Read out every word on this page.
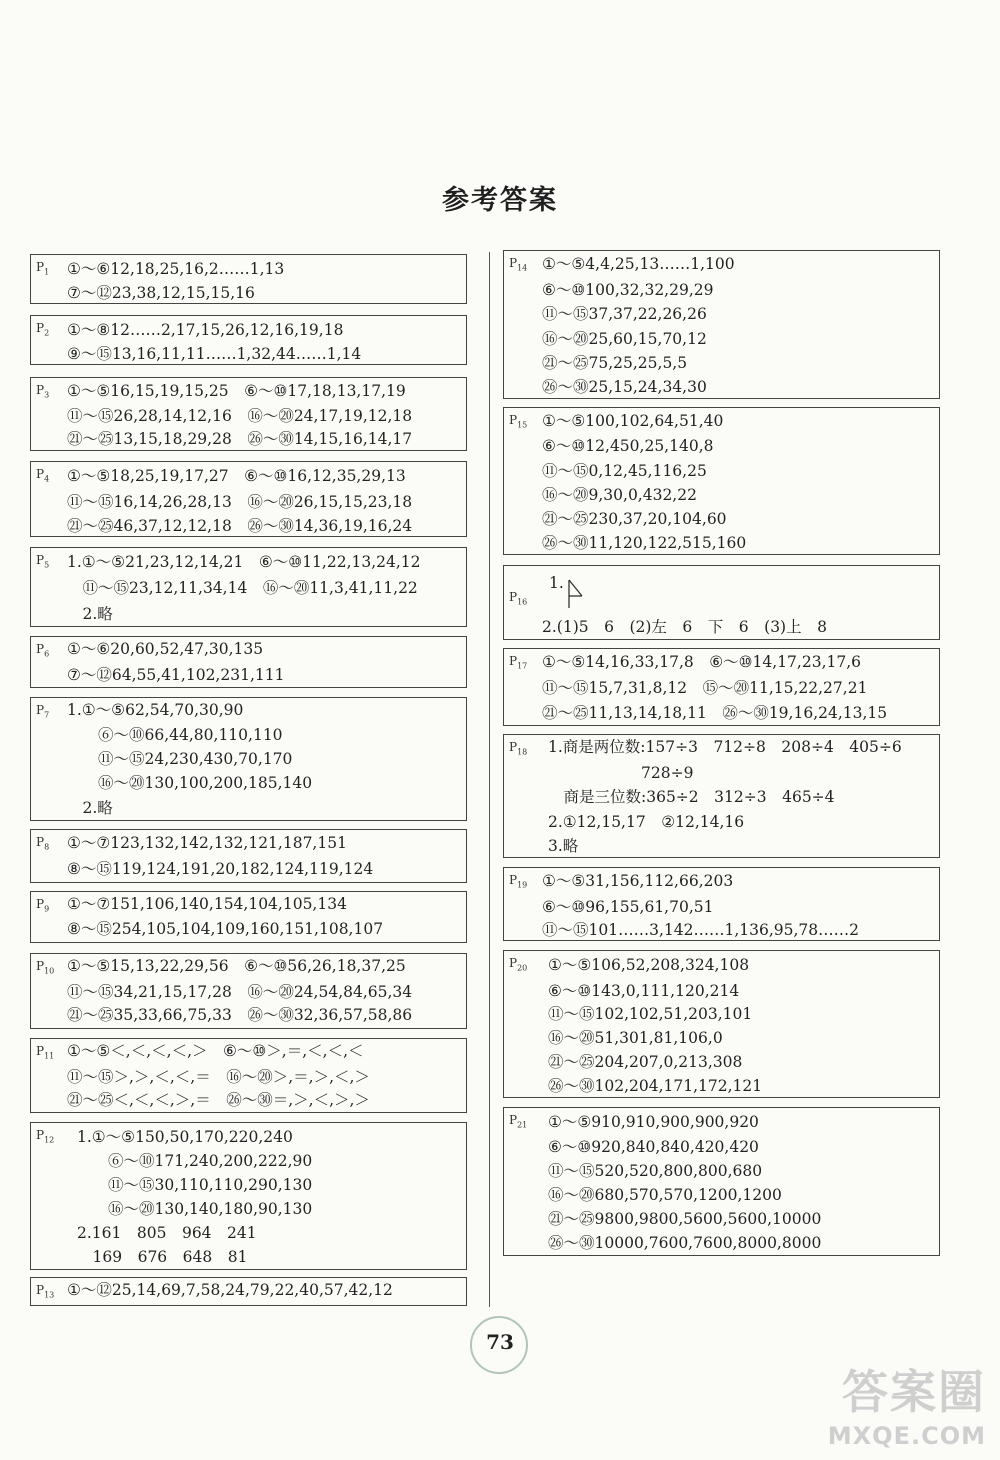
参考答案
$P_1$ ①～⑥12,18,25,16,2……1,13
⑦～⑫23,38,12,15,15,16
$P_2$ ①～⑧12……2,17,15,26,12,16,19,18
⑨～⑮13,16,11,11……1,32,44……1,14
$P_3$ ①～⑤16,15,19,15,25　⑥～⑩17,18,13,17,19
⑪～⑮26,28,14,12,16　⑯～⑳24,17,19,12,18
㉑～㉕13,15,18,29,28　㉖～㉚14,15,16,14,17
$P_4$ ①～⑤18,25,19,17,27　⑥～⑩16,12,35,29,13
⑪～⑮16,14,26,28,13　⑯～⑳26,15,15,23,18
㉑～㉕46,37,12,12,18　㉖～㉚14,36,19,16,24
$P_5$ 1.①～⑤21,23,12,14,21　⑥～⑩11,22,13,24,12
　⑪～⑮23,12,11,34,14　⑯～⑳11,3,41,11,22
　2.略
$P_6$ ①～⑥20,60,52,47,30,135
⑦～⑫64,55,41,102,231,111
$P_7$ 1.①～⑤62,54,70,30,90
　　⑥～⑩66,44,80,110,110
　　⑪～⑮24,230,430,70,170
　　⑯～⑳130,100,200,185,140
　2.略
$P_8$ ①～⑦123,132,142,132,121,187,151
⑧～⑮119,124,191,20,182,124,119,124
$P_9$ ①～⑦151,106,140,154,104,105,134
⑧～⑮254,105,104,109,160,151,108,107
$P_{10}$ ①～⑤15,13,22,29,56　⑥～⑩56,26,18,37,25
⑪～⑮34,21,15,17,28　⑯～⑳24,54,84,65,34
㉑～㉕35,33,66,75,33　㉖～㉚32,36,57,58,86
$P_{11}$ ①～⑤＜,＜,＜,＜,＞　⑥～⑩＞,＝,＜,＜,＜
⑪～⑮＞,＞,＜,＜,＝　⑯～⑳＞,＝,＞,＜,＞
㉑～㉕＜,＜,＜,＞,＝　㉖～㉚＝,＞,＜,＞,＞
$P_{12}$ 1.①～⑤150,50,170,220,240
　　⑥～⑩171,240,200,222,90
　　⑪～⑮30,110,110,290,130
　　⑯～⑳130,140,180,90,130
2.161　805　964　241
　169　676　648　81
$P_{13}$ ①～⑫25,14,69,7,58,24,79,22,40,57,42,12
$P_{14}$ ①～⑤4,4,25,13……1,100
⑥～⑩100,32,32,29,29
⑪～⑮37,37,22,26,26
⑯～⑳25,60,15,70,12
㉑～㉕75,25,25,5,5
㉖～㉚25,15,24,34,30
$P_{15}$ ①～⑤100,102,64,51,40
⑥～⑩12,450,25,140,8
⑪～⑮0,12,45,116,25
⑯～⑳9,30,0,432,22
㉑～㉕230,37,20,104,60
㉖～㉚11,120,122,515,160
$P_{16}$
1.
2.(1)5　6　(2)左　6　下　6　(3)上　8
$P_{17}$ ①～⑤14,16,33,17,8　⑥～⑩14,17,23,17,6
⑪～⑮15,7,31,8,12　⑮～⑳11,15,22,27,21
㉑～㉕11,13,14,18,11　㉖～㉚19,16,24,13,15
$P_{18}$ 1.商是两位数:157÷3　712÷8　208÷4　405÷6
　　　　　　728÷9
　商是三位数:365÷2　312÷3　465÷4
2.①12,15,17　②12,14,16
3.略
$P_{19}$ ①～⑤31,156,112,66,203
⑥～⑩96,155,61,70,51
⑪～⑮101……3,142……1,136,95,78……2
$P_{20}$ ①～⑤106,52,208,324,108
⑥～⑩143,0,111,120,214
⑪～⑮102,102,51,203,101
⑯～⑳51,301,81,106,0
㉑～㉕204,207,0,213,308
㉖～㉚102,204,171,172,121
$P_{21}$ ①～⑤910,910,900,900,920
⑥～⑩920,840,840,420,420
⑪～⑮520,520,800,800,680
⑯～⑳680,570,570,1200,1200
㉑～㉕9800,9800,5600,5600,10000
㉖～㉚10000,7600,7600,8000,8000
73
答案圈
MXQE.COM
